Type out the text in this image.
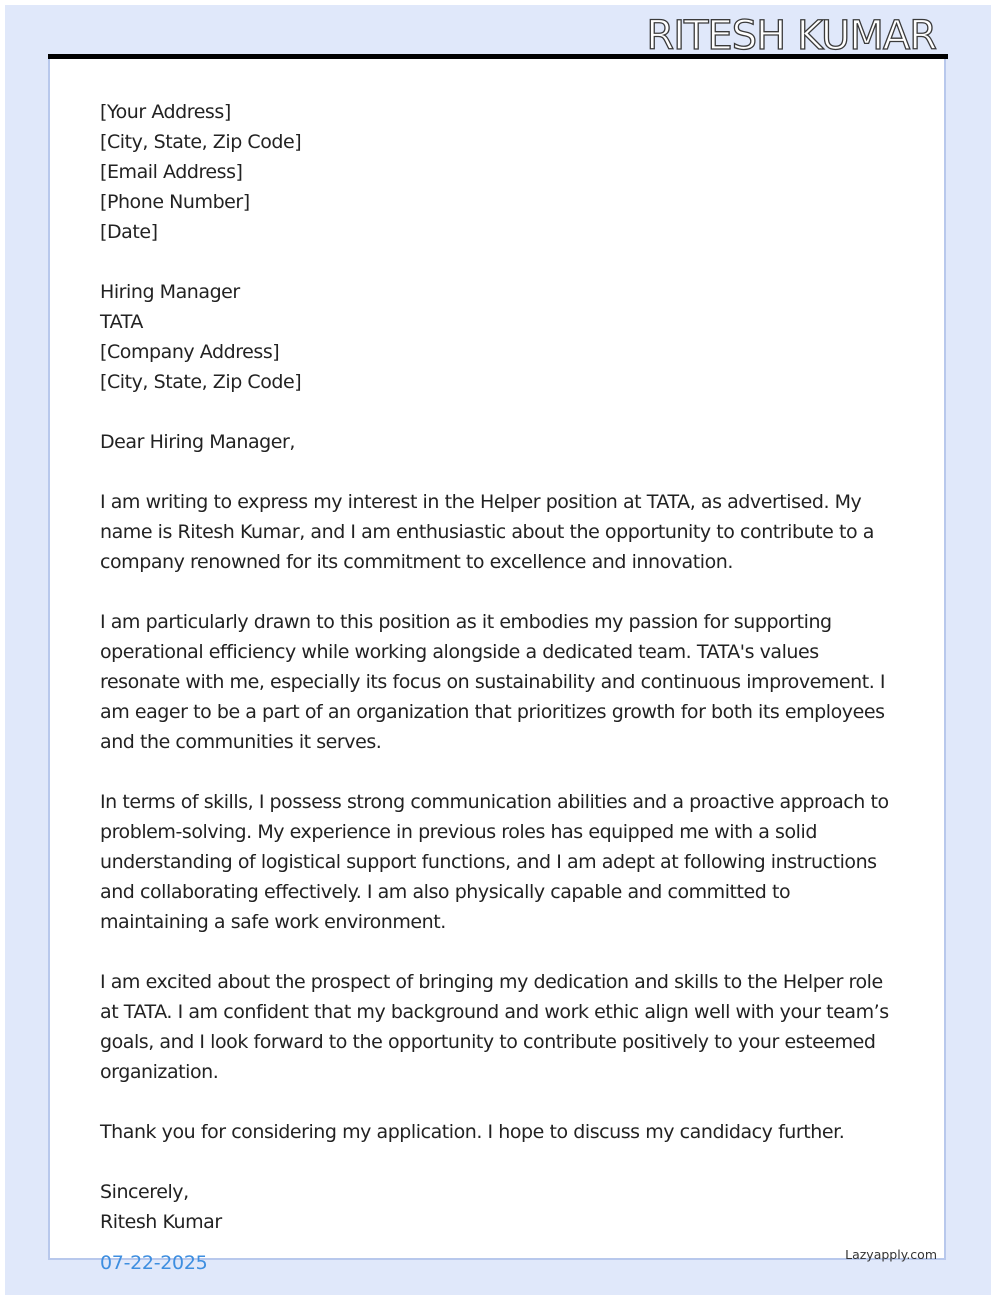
RITESH KUMAR

[Your Address]

[City, State, Zip Code]

[Email Address]

[Phone Number]

[Date]

Hiring Manager

TATA

[Company Address]

[City, State, Zip Code]

Dear Hiring Manager,

I am writing to express my interest in the Helper position at TATA, as advertised. My name is Ritesh Kumar, and I am enthusiastic about the opportunity to contribute to a company renowned for its commitment to excellence and innovation.

I am particularly drawn to this position as it embodies my passion for supporting operational efficiency while working alongside a dedicated team. TATA's values resonate with me, especially its focus on sustainability and continuous improvement. I am eager to be a part of an organization that prioritizes growth for both its employees and the communities it serves.

In terms of skills, I possess strong communication abilities and a proactive approach to problem-solving. My experience in previous roles has equipped me with a solid understanding of logistical support functions, and I am adept at following instructions and collaborating effectively. I am also physically capable and committed to maintaining a safe work environment.

I am excited about the prospect of bringing my dedication and skills to the Helper role at TATA. I am confident that my background and work ethic align well with your team’s goals, and I look forward to the opportunity to contribute positively to your esteemed organization.

Thank you for considering my application. I hope to discuss my candidacy further.

Sincerely,

Ritesh Kumar

07-22-2025	Lazyapply.com
